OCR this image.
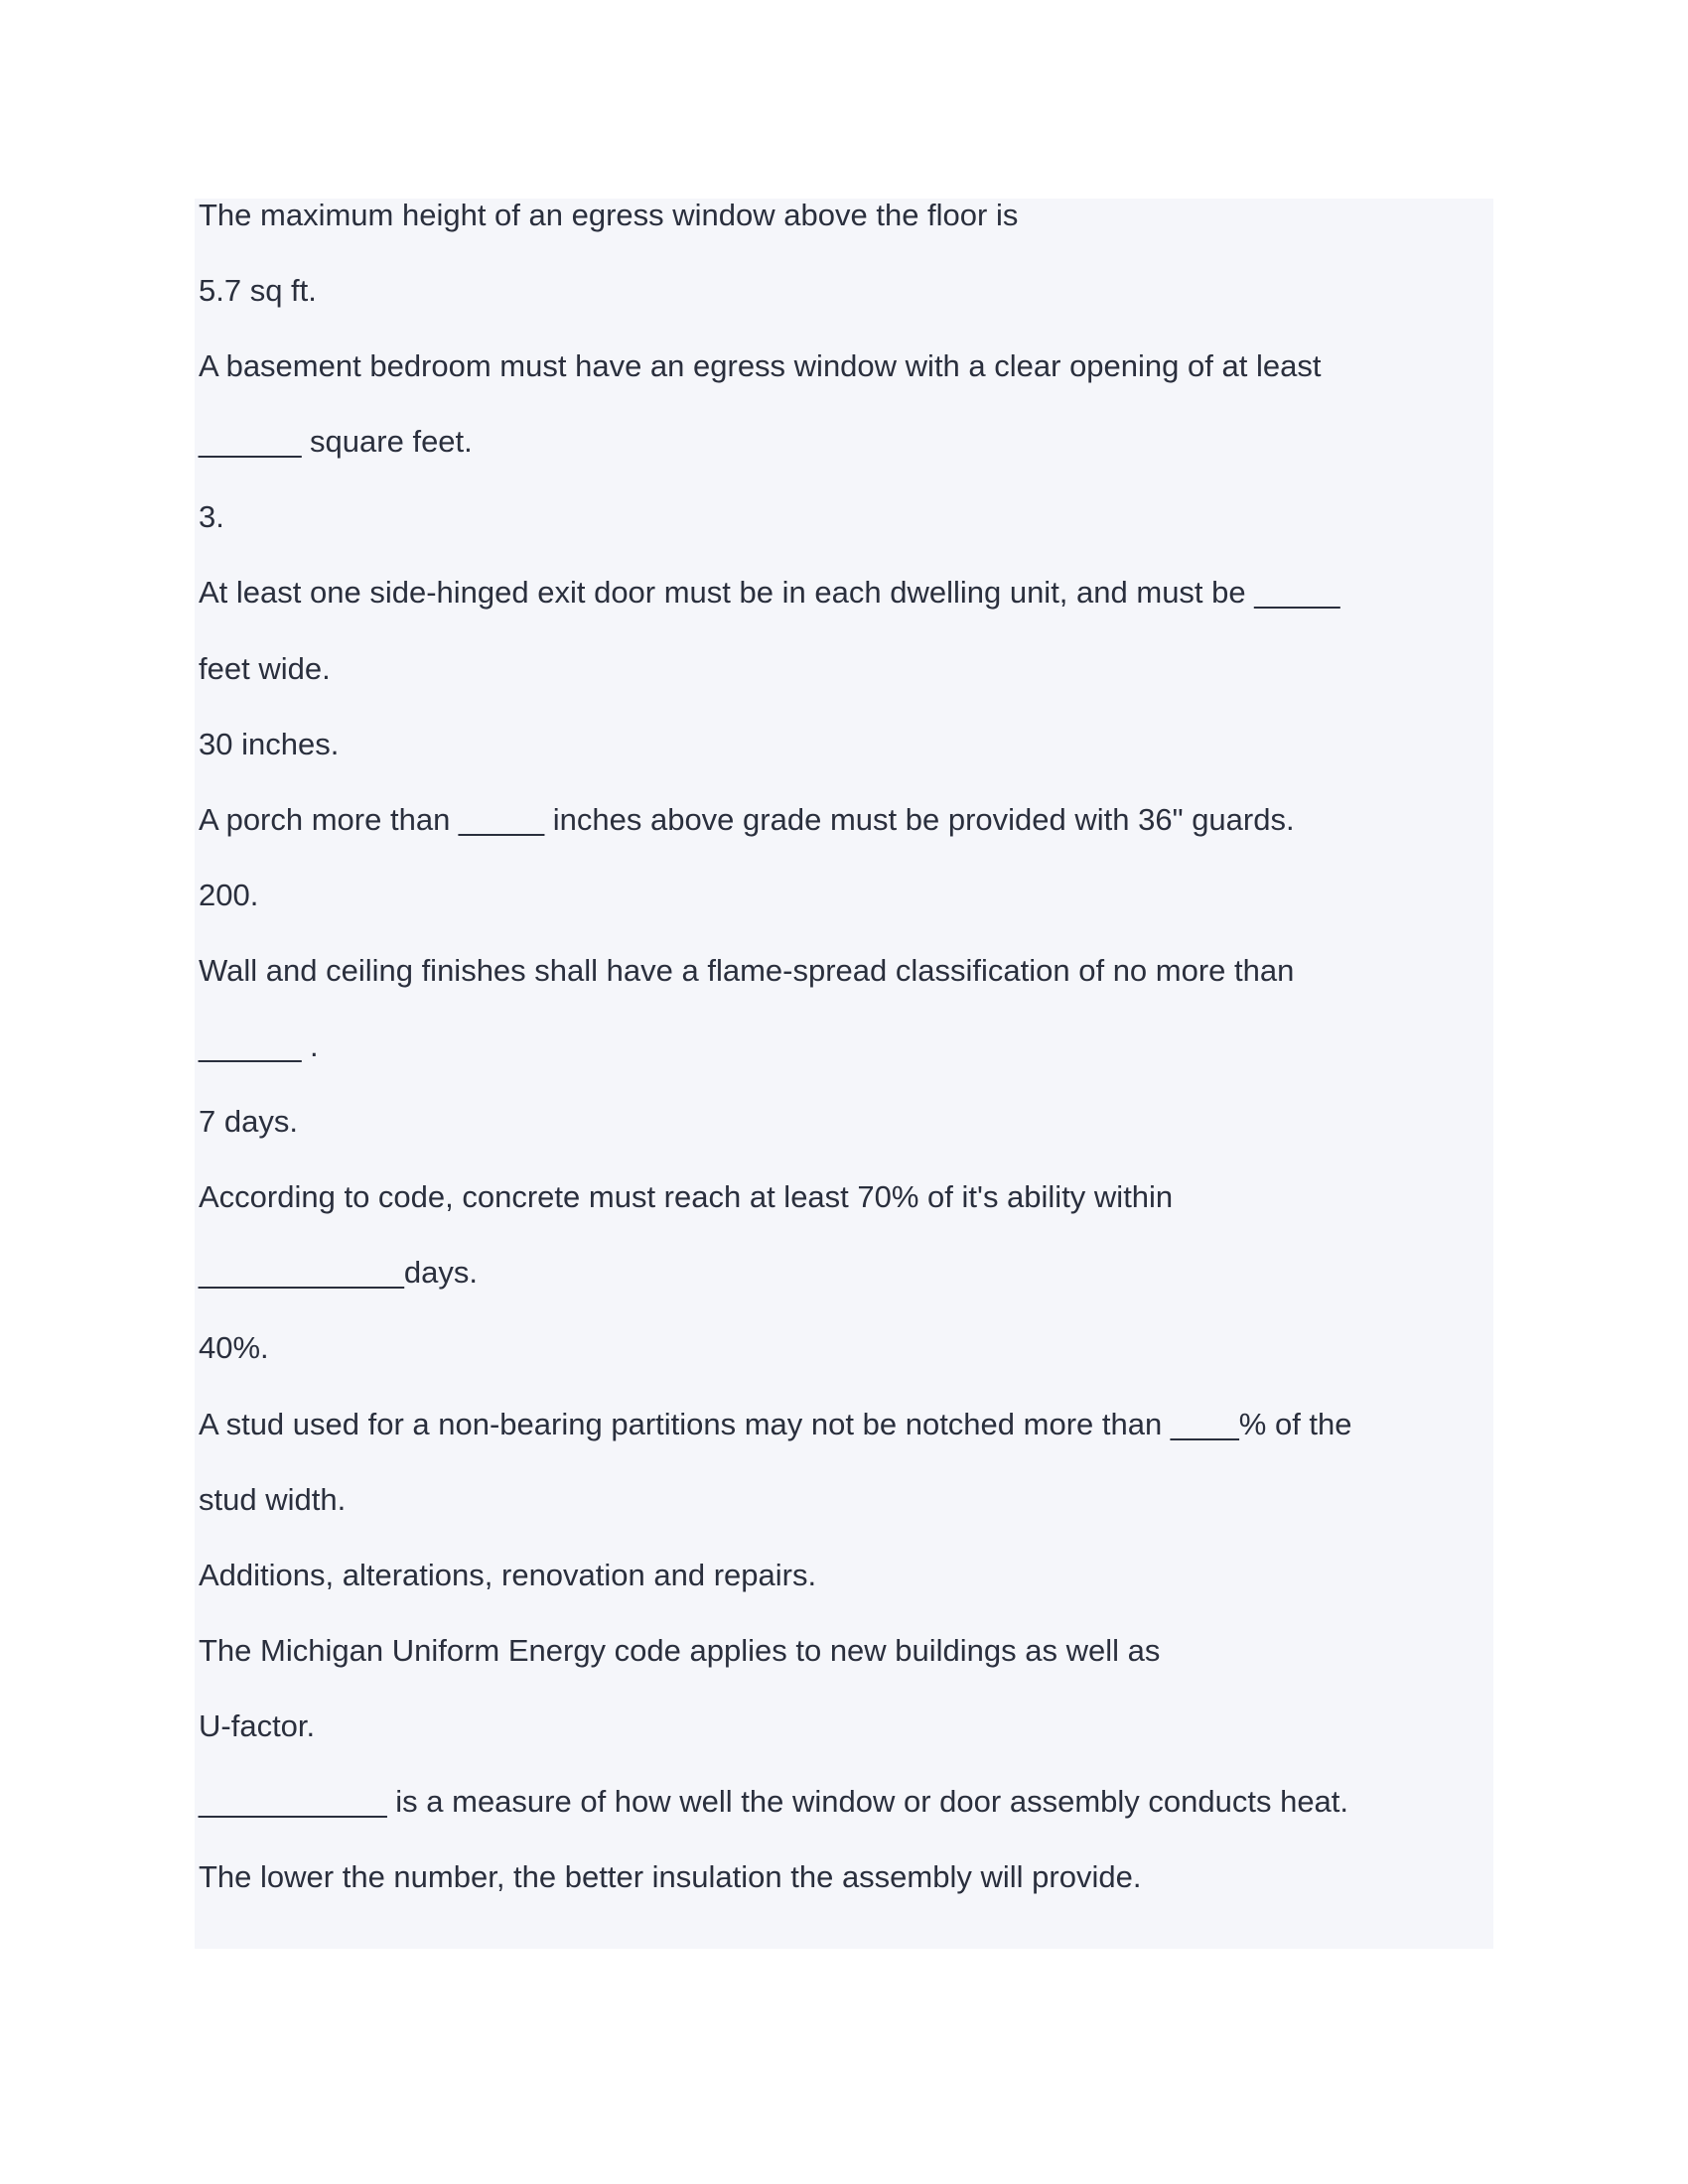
The maximum height of an egress window above the floor is
5.7 sq ft.
A basement bedroom must have an egress window with a clear opening of at least
______ square feet.
3.
At least one side-hinged exit door must be in each dwelling unit, and must be _____
feet wide.
30 inches.
A porch more than _____ inches above grade must be provided with 36" guards.
200.
Wall and ceiling finishes shall have a flame-spread classification of no more than
______ .
7 days.
According to code, concrete must reach at least 70% of it's ability within
____________days.
40%.
A stud used for a non-bearing partitions may not be notched more than ____% of the
stud width.
Additions, alterations, renovation and repairs.
The Michigan Uniform Energy code applies to new buildings as well as
U-factor.
___________ is a measure of how well the window or door assembly conducts heat.
The lower the number, the better insulation the assembly will provide.
